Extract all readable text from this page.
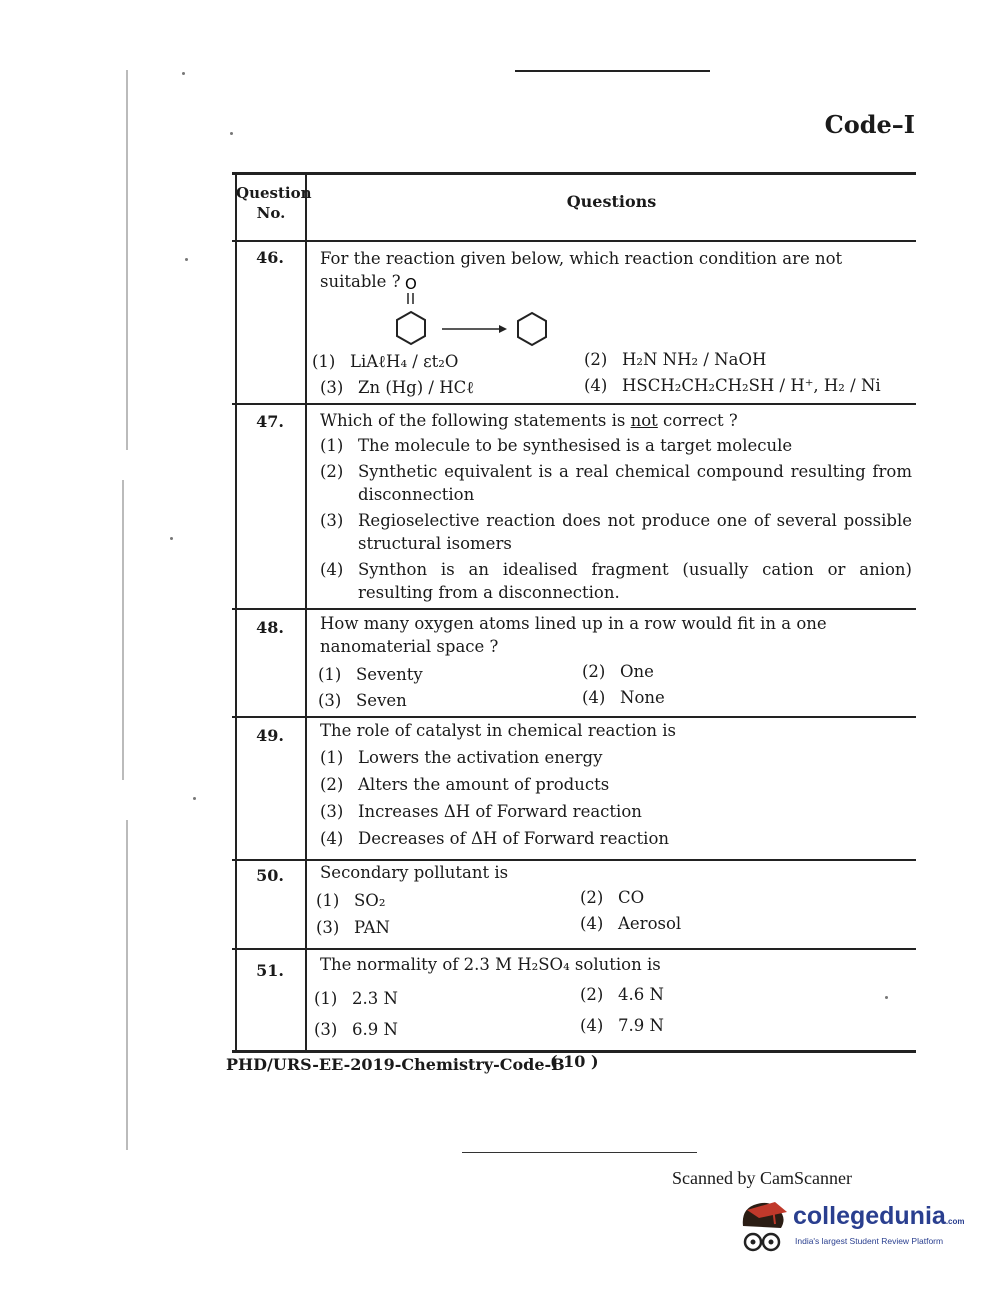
Code–I
Question No.
Questions
46.	For the reaction given below, which reaction condition are not suitable ? O
(1) LiAℓH₄ / εt₂O	(2) H₂N NH₂ / NaOH
(3) Zn (Hg) / HCℓ	(4) HSCH₂CH₂CH₂SH / H⁺, H₂ / Ni
47.	Which of the following statements is not correct ?
(1) The molecule to be synthesised is a target molecule
(2) Synthetic equivalent is a real chemical compound resulting from disconnection
(3) Regioselective reaction does not produce one of several possible structural isomers
(4) Synthon is an idealised fragment (usually cation or anion) resulting from a disconnection.
48.	How many oxygen atoms lined up in a row would fit in a one nanomaterial space ?
(1) Seventy	(2) One
(3) Seven	(4) None
49.	The role of catalyst in chemical reaction is
(1) Lowers the activation energy
(2) Alters the amount of products
(3) Increases ΔH of Forward reaction
(4) Decreases of ΔH of Forward reaction
50.	Secondary pollutant is
(1) SO₂	(2) CO
(3) PAN	(4) Aerosol
51.	The normality of 2.3 M H₂SO₄ solution is
(1) 2.3 N	(2) 4.6 N
(3) 6.9 N	(4) 7.9 N
PHD/URS-EE-2019-Chemistry-Code-B
( 10 )
Scanned by CamScanner
collegedunia.com
India's largest Student Review Platform
